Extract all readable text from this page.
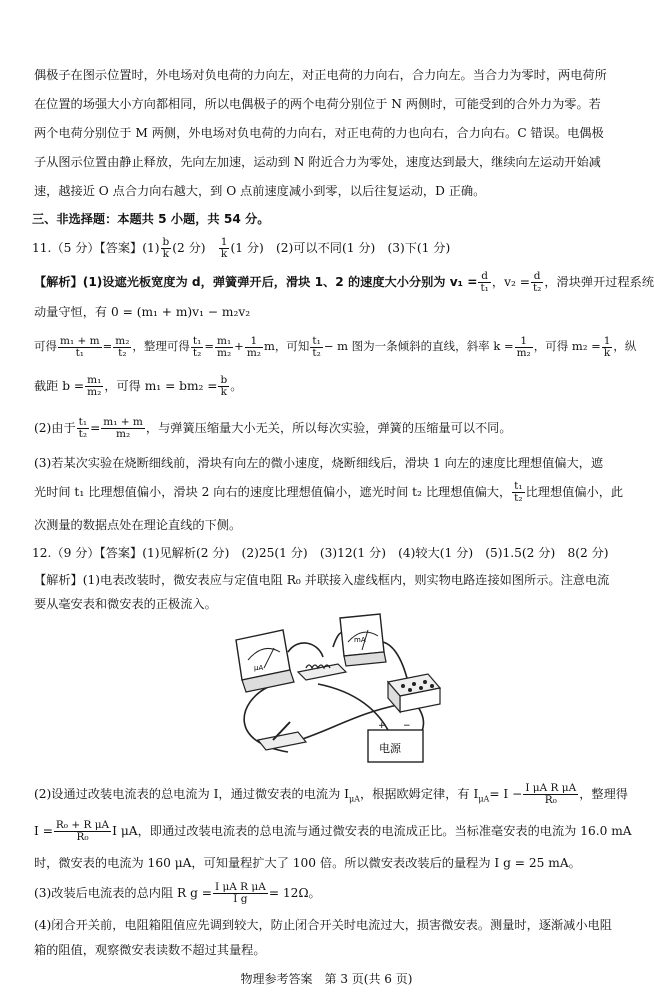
偶极子在图示位置时，外电场对负电荷的力向左，对正电荷的力向右，合力向左。当合力为零时，两电荷所
在位置的场强大小方向都相同，所以电偶极子的两个电荷分别位于 N 两侧时，可能受到的合外力为零。若
两个电荷分别位于 M 两侧，外电场对负电荷的力向右，对正电荷的力也向右，合力向右。C 错误。电偶极
子从图示位置由静止释放，先向左加速，运动到 N 附近合力为零处，速度达到最大，继续向左运动开始减
速，越接近 O 点合力向右越大，到 O 点前速度减小到零，以后往复运动，D 正确。
三、非选择题：本题共 5 小题，共 54 分。
11.（5 分）【答案】$(1) \frac{b}{k} (2$ 分)　 $\frac{1}{k} (1$ 分)　(2)可以不同(1 分)　(3)下(1 分)
【解析】(1)设遮光板宽度为 d，弹簧弹开后，滑块 1、2 的速度大小分别为 $v_1 = \frac{d}{\text{t₁}}$ ，$v_2 = \frac{d}{\text{t₂}}$ ，滑块弹开过程系统
动量守恒，有 0 = (m₁ + m)v₁ − m₂v₂
可得 $\frac{\text{m₁ + m}}{\text{t₁}} = \frac{\text{m₂}}{\text{t₂}}$ ，整理可得 $\frac{\text{t₁}}{\text{t₂}} = \frac{\text{m₁}}{\text{m₂}} + \frac{1}{\text{m₂}}$ m，可知 $\frac{\text{t₁}}{\text{t₂}} - m$ 图为一条倾斜的直线，斜率 $k = \frac{1}{\text{m₂}}$ ，可得 $m_2 = \frac{1}{k}$ ，纵
截距 $b = \frac{\text{m₁}}{\text{m₂}}$ ，可得 $m_1 = bm_2 = \frac{b}{k}$ 。
(2)由于 $\frac{\text{t₁}}{\text{t₂}} = \frac{\text{m₁ + m}}{\text{m₂}}$ ，与弹簧压缩量大小无关，所以每次实验，弹簧的压缩量可以不同。
(3)若某次实验在烧断细线前，滑块有向左的微小速度，烧断细线后，滑块 1 向左的速度比理想值偏大，遮
光时间 t₁ 比理想值偏小，滑块 2 向右的速度比理想值偏小，遮光时间 t₂ 比理想值偏大， $\frac{\text{t₁}}{\text{t₂}}$ 比理想值偏小，此
次测量的数据点处在理论直线的下侧。
12.（9 分）【答案】(1)见解析(2 分)　(2)25(1 分)　(3)12(1 分)　(4)较大(1 分)　(5)1.5(2 分)　8(2 分)
【解析】(1)电表改装时，微安表应与定值电阻 R₀ 并联接入虚线框内，则实物电路连接如图所示。注意电流
要从毫安表和微安表的正极流入。
μA
mA
电源
+ −
(2)设通过改装电流表的总电流为 I，通过微安表的电流为 $I_{\mu A}$，根据欧姆定律，有 $I_{\mu A}= I - \frac{\text{I μA R μA}}{\text{R₀}}$ ，整理得
$I = \frac{\text{R₀ + R μA}}{\text{R₀}}$ I μA，即通过改装电流表的总电流与通过微安表的电流成正比。当标准毫安表的电流为 16.0 mA
时，微安表的电流为 160 μA，可知量程扩大了 100 倍。所以微安表改装后的量程为 I g = 25 mA。
(3)改装后电流表的总内阻 R $g = \frac{\text{I μA R μA}}{\text{I g}} = 12\Omega$。
(4)闭合开关前，电阻箱阻值应先调到较大，防止闭合开关时电流过大，损害微安表。测量时，逐渐减小电阻
箱的阻值，观察微安表读数不超过其量程。
物理参考答案　第 3 页(共 6 页)
